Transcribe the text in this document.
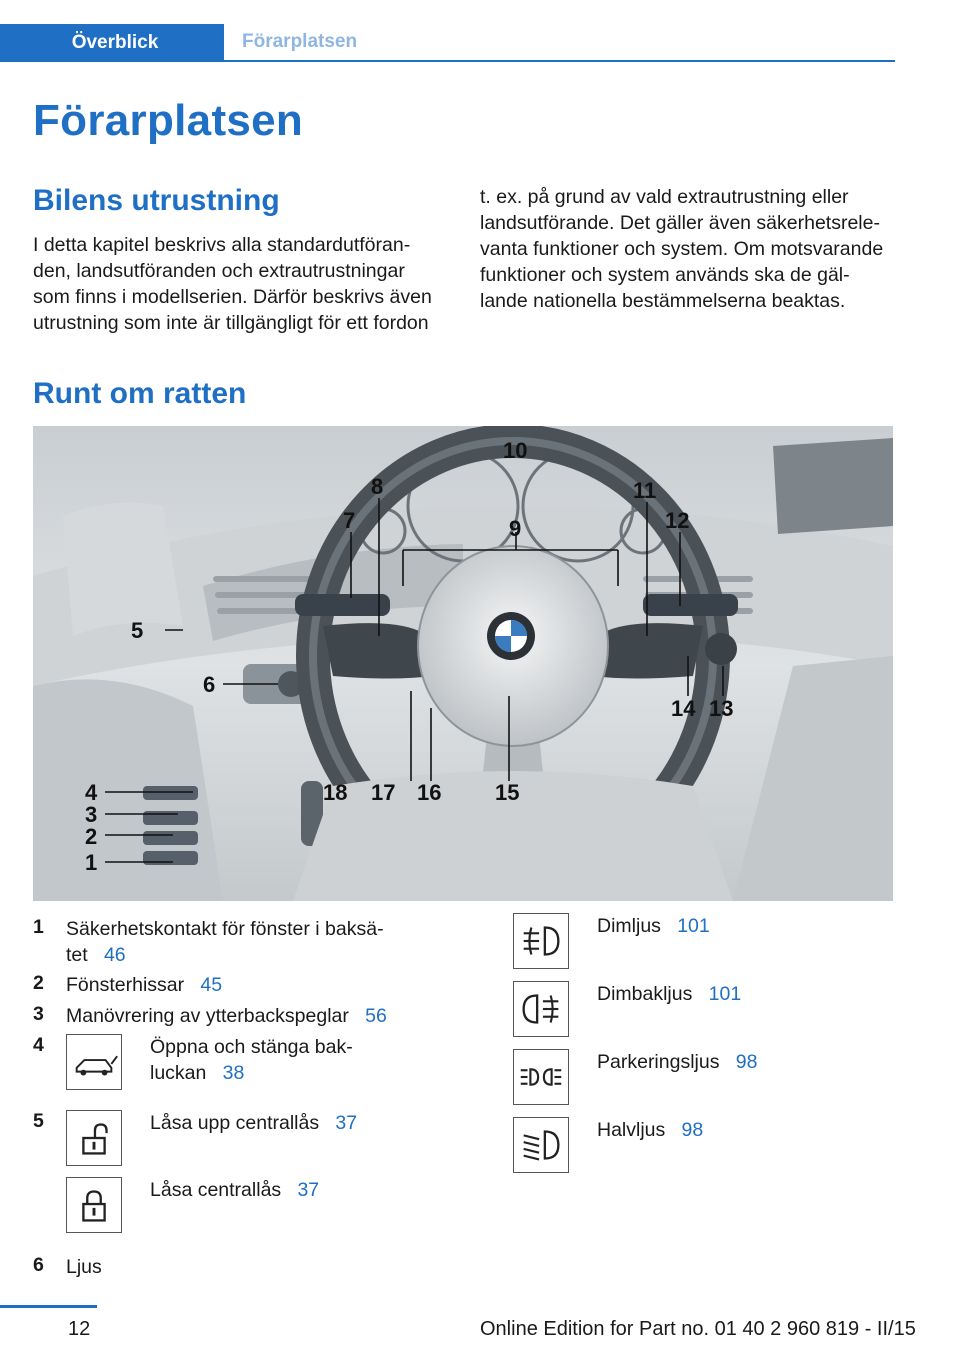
Överblick	Förarplatsen
Förarplatsen
Bilens utrustning
I detta kapitel beskrivs alla standardutföran-
den, landsutföranden och extrautrustningar
som finns i modellserien. Därför beskrivs även
utrustning som inte är tillgängligt för ett fordon
t. ex. på grund av vald extrautrustning eller
landsutförande. Det gäller även säkerhetsrele-
vanta funktioner och system. Om motsvarande
funktioner och system används ska de gäl-
lande nationella bestämmelserna beaktas.
Runt om ratten
1
2
3
4
5
6
7
8
9
10
11
12
13
14
15
16
17
18
1 Säkerhetskontakt för fönster i baksä-
tet 46
2 Fönsterhissar 45
3 Manövrering av ytterbackspeglar 56
4	Öppna och stänga bak-
luckan 38
5	Låsa upp centrallås 37
Låsa centrallås 37
6 Ljus
Dimljus 101
Dimbakljus 101
Parkeringsljus 98
Halvljus 98
12	Online Edition for Part no. 01 40 2 960 819 - II/15
